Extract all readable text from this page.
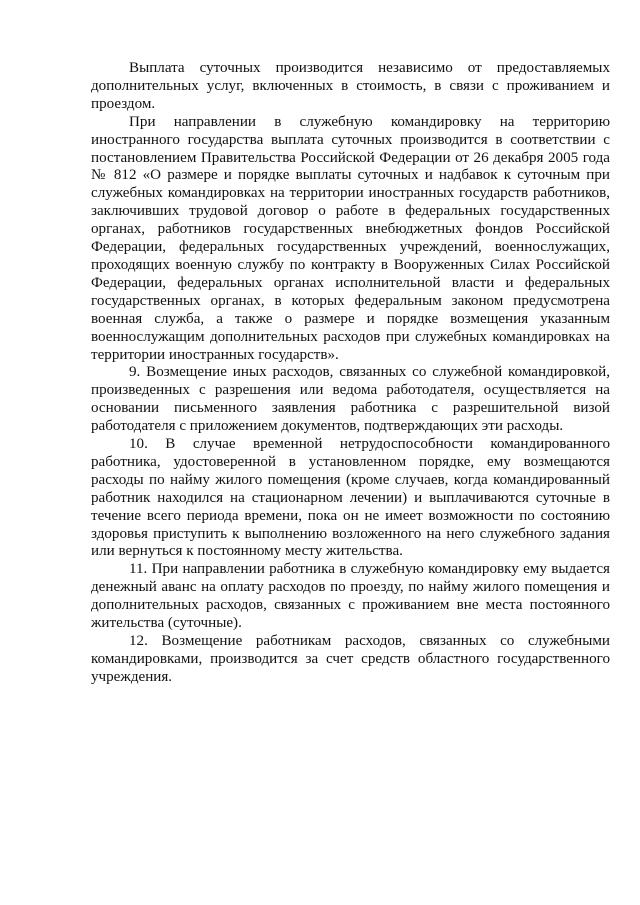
Выплата суточных производится независимо от предоставляемых дополнительных услуг, включенных в стоимость, в связи с проживанием и проездом.

При направлении в служебную командировку на территорию иностранного государства выплата суточных производится в соответствии с постановлением Правительства Российской Федерации от 26 декабря 2005 года № 812 «О размере и порядке выплаты суточных и надбавок к суточным при служебных командировках на территории иностранных государств работников, заключивших трудовой договор о работе в федеральных государственных органах, работников государственных внебюджетных фондов Российской Федерации, федеральных государственных учреждений, военнослужащих, проходящих военную службу по контракту в Вооруженных Силах Российской Федерации, федеральных органах исполнительной власти и федеральных государственных органах, в которых федеральным законом предусмотрена военная служба, а также о размере и порядке возмещения указанным военнослужащим дополнительных расходов при служебных командировках на территории иностранных государств».

9. Возмещение иных расходов, связанных со служебной командировкой, произведенных с разрешения или ведома работодателя, осуществляется на основании письменного заявления работника с разрешительной визой работодателя с приложением документов, подтверждающих эти расходы.

10. В случае временной нетрудоспособности командированного работника, удостоверенной в установленном порядке, ему возмещаются расходы по найму жилого помещения (кроме случаев, когда командированный работник находился на стационарном лечении) и выплачиваются суточные в течение всего периода времени, пока он не имеет возможности по состоянию здоровья приступить к выполнению возложенного на него служебного задания или вернуться к постоянному месту жительства.

11. При направлении работника в служебную командировку ему выдается денежный аванс на оплату расходов по проезду, по найму жилого помещения и дополнительных расходов, связанных с проживанием вне места постоянного жительства (суточные).

12. Возмещение работникам расходов, связанных со служебными командировками, производится за счет средств областного государственного учреждения.
